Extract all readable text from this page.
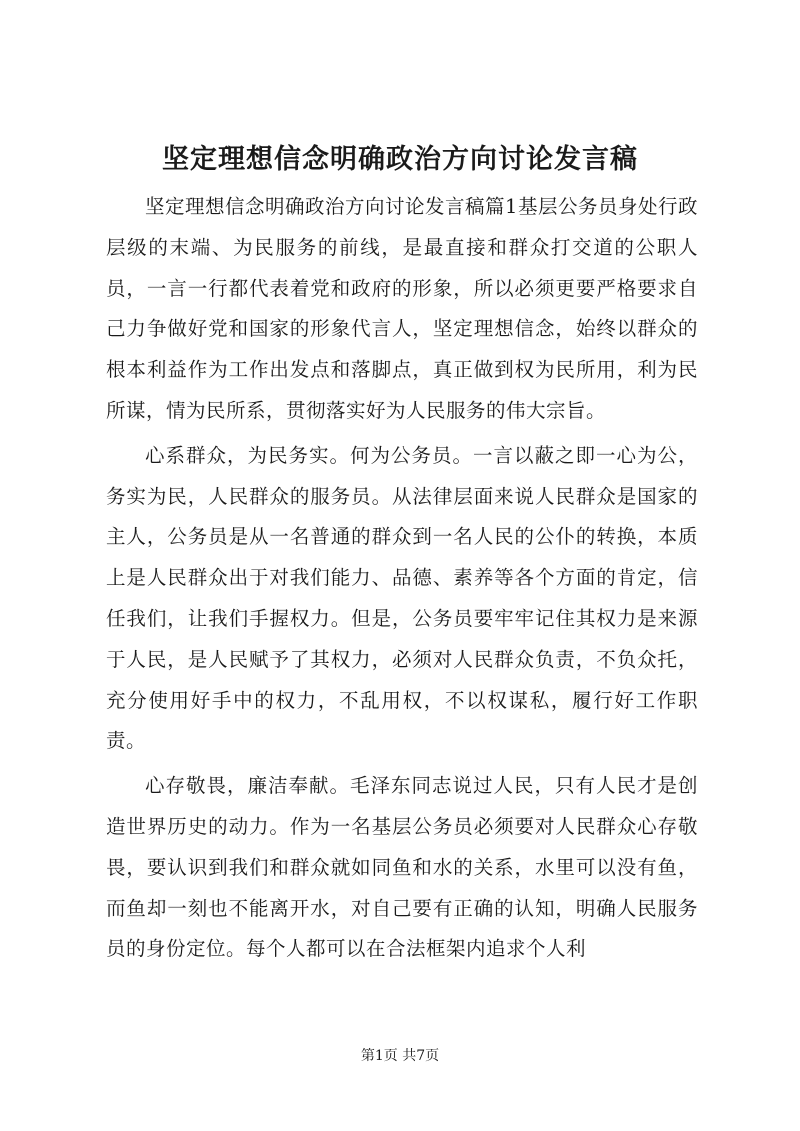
坚定理想信念明确政治方向讨论发言稿

坚定理想信念明确政治方向讨论发言稿篇1基层公务员身处行政层级的末端、为民服务的前线，是最直接和群众打交道的公职人员，一言一行都代表着党和政府的形象，所以必须更要严格要求自己力争做好党和国家的形象代言人，坚定理想信念，始终以群众的根本利益作为工作出发点和落脚点，真正做到权为民所用，利为民所谋，情为民所系，贯彻落实好为人民服务的伟大宗旨。

心系群众，为民务实。何为公务员。一言以蔽之即一心为公，务实为民，人民群众的服务员。从法律层面来说人民群众是国家的主人，公务员是从一名普通的群众到一名人民的公仆的转换，本质上是人民群众出于对我们能力、品德、素养等各个方面的肯定，信任我们，让我们手握权力。但是，公务员要牢牢记住其权力是来源于人民，是人民赋予了其权力，必须对人民群众负责，不负众托，充分使用好手中的权力，不乱用权，不以权谋私，履行好工作职责。

心存敬畏，廉洁奉献。毛泽东同志说过人民，只有人民才是创造世界历史的动力。作为一名基层公务员必须要对人民群众心存敬畏，要认识到我们和群众就如同鱼和水的关系，水里可以没有鱼，而鱼却一刻也不能离开水，对自己要有正确的认知，明确人民服务员的身份定位。每个人都可以在合法框架内追求个人利

第1页 共7页
